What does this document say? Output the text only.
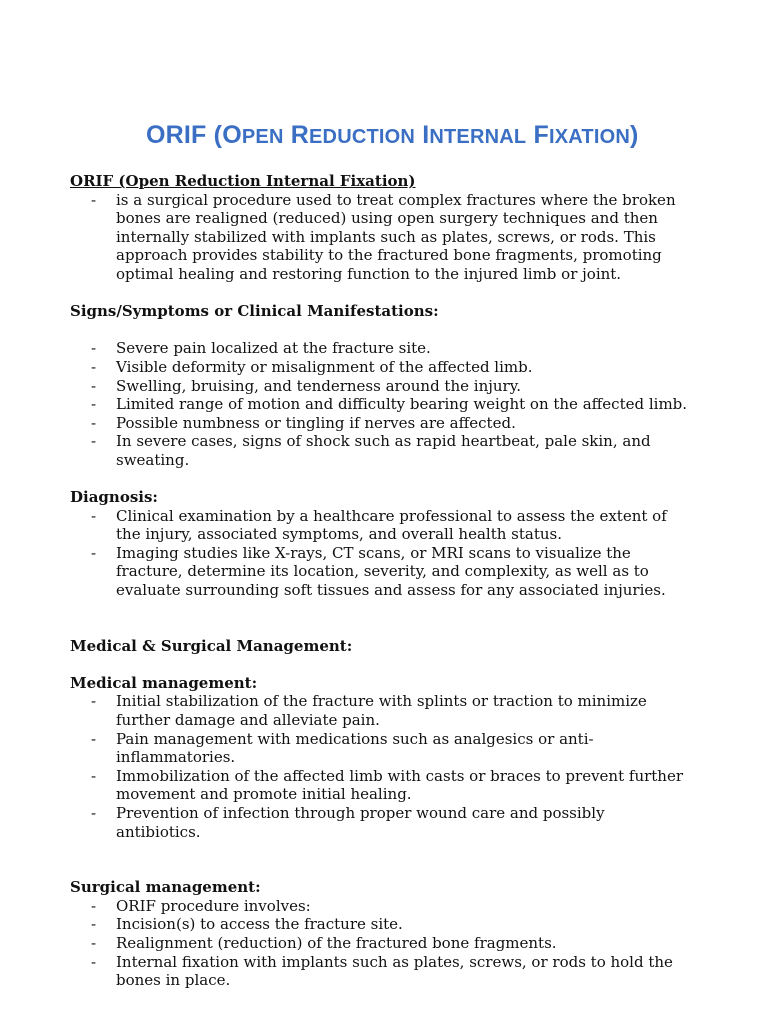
ORIF (OPEN REDUCTION INTERNAL FIXATION)

ORIF (Open Reduction Internal Fixation)

- is a surgical procedure used to treat complex fractures where the broken bones are realigned (reduced) using open surgery techniques and then internally stabilized with implants such as plates, screws, or rods. This approach provides stability to the fractured bone fragments, promoting optimal healing and restoring function to the injured limb or joint.

Signs/Symptoms or Clinical Manifestations:

- Severe pain localized at the fracture site.
- Visible deformity or misalignment of the affected limb.
- Swelling, bruising, and tenderness around the injury.
- Limited range of motion and difficulty bearing weight on the affected limb.
- Possible numbness or tingling if nerves are affected.
- In severe cases, signs of shock such as rapid heartbeat, pale skin, and sweating.

Diagnosis:

- Clinical examination by a healthcare professional to assess the extent of the injury, associated symptoms, and overall health status.
- Imaging studies like X-rays, CT scans, or MRI scans to visualize the fracture, determine its location, severity, and complexity, as well as to evaluate surrounding soft tissues and assess for any associated injuries.

Medical & Surgical Management:

Medical management:

- Initial stabilization of the fracture with splints or traction to minimize further damage and alleviate pain.
- Pain management with medications such as analgesics or anti-inflammatories.
- Immobilization of the affected limb with casts or braces to prevent further movement and promote initial healing.
- Prevention of infection through proper wound care and possibly antibiotics.

Surgical management:

- ORIF procedure involves:
- Incision(s) to access the fracture site.
- Realignment (reduction) of the fractured bone fragments.
- Internal fixation with implants such as plates, screws, or rods to hold the bones in place.
